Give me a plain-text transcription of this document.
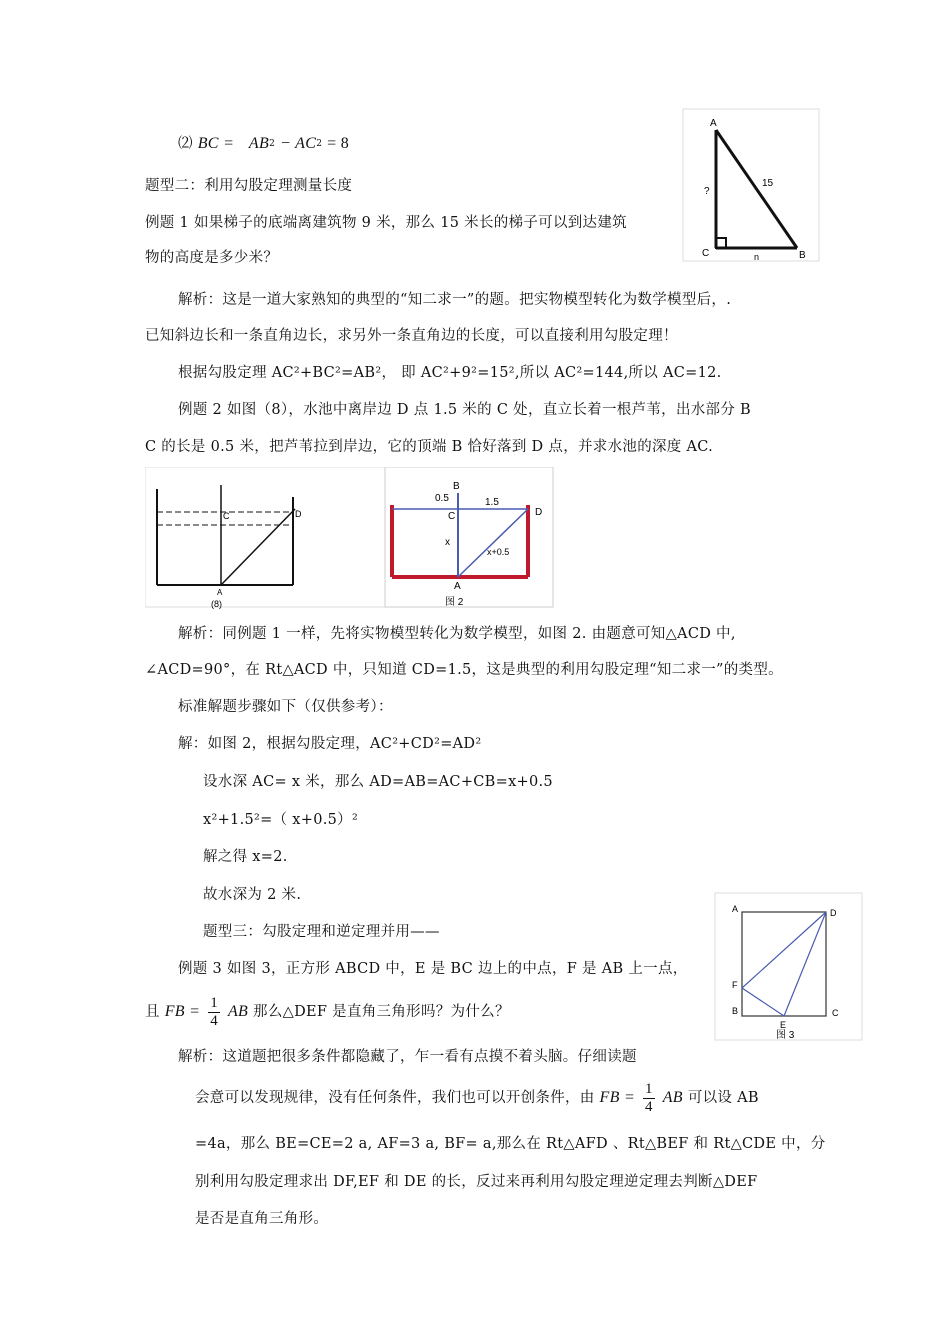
⑵ BC = $AB^2 - AC^2 = 8$
题型二：利用勾股定理测量长度
例题 1 如果梯子的底端离建筑物 9 米，那么 15 米长的梯子可以到达建筑
物的高度是多少米？
A
C	B
15
?
n
解析：这是一道大家熟知的典型的“知二求一”的题。把实物模型转化为数学模型后，.
已知斜边长和一条直角边长，求另外一条直角边的长度，可以直接利用勾股定理！
根据勾股定理 AC²+BC²=AB²， 即 AC²+9²=15²,所以 AC²=144,所以 AC=12.
例题 2 如图（8），水池中离岸边 D 点 1.5 米的 C 处，直立长着一根芦苇，出水部分 B
C 的长是 0.5 米，把芦苇拉到岸边，它的顶端 B 恰好落到 D 点，并求水池的深度 AC.
C	D
A
(8)
B
C	D
A
0.5	1.5
x
x+0.5
图 2
解析：同例题 1 一样，先将实物模型转化为数学模型，如图 2. 由题意可知△ACD 中,
∠ACD=90°，在 Rt△ACD 中，只知道 CD=1.5，这是典型的利用勾股定理“知二求一”的类型。
标准解题步骤如下（仅供参考）：
解：如图 2，根据勾股定理，AC²+CD²=AD²
设水深 AC= x 米，那么 AD=AB=AC+CB=x+0.5
x²+1.5²=（ x+0.5）²
解之得 x=2.
故水深为 2 米.
题型三：勾股定理和逆定理并用——
A	D
F
B
E
C
图 3
例题 3 如图 3，正方形 ABCD 中，E 是 BC 边上的中点，F 是 AB 上一点，
且 FB = $\frac{1}{4}$ AB 那么△DEF 是直角三角形吗？为什么？
解析：这道题把很多条件都隐藏了，乍一看有点摸不着头脑。仔细读题
会意可以发现规律，没有任何条件，我们也可以开创条件，由 FB = $\frac{1}{4}$ AB 可以设 AB
=4a，那么 BE=CE=2 a, AF=3 a, BF= a,那么在 Rt△AFD 、Rt△BEF 和 Rt△CDE 中，分
别利用勾股定理求出 DF,EF 和 DE 的长，反过来再利用勾股定理逆定理去判断△DEF
是否是直角三角形。
